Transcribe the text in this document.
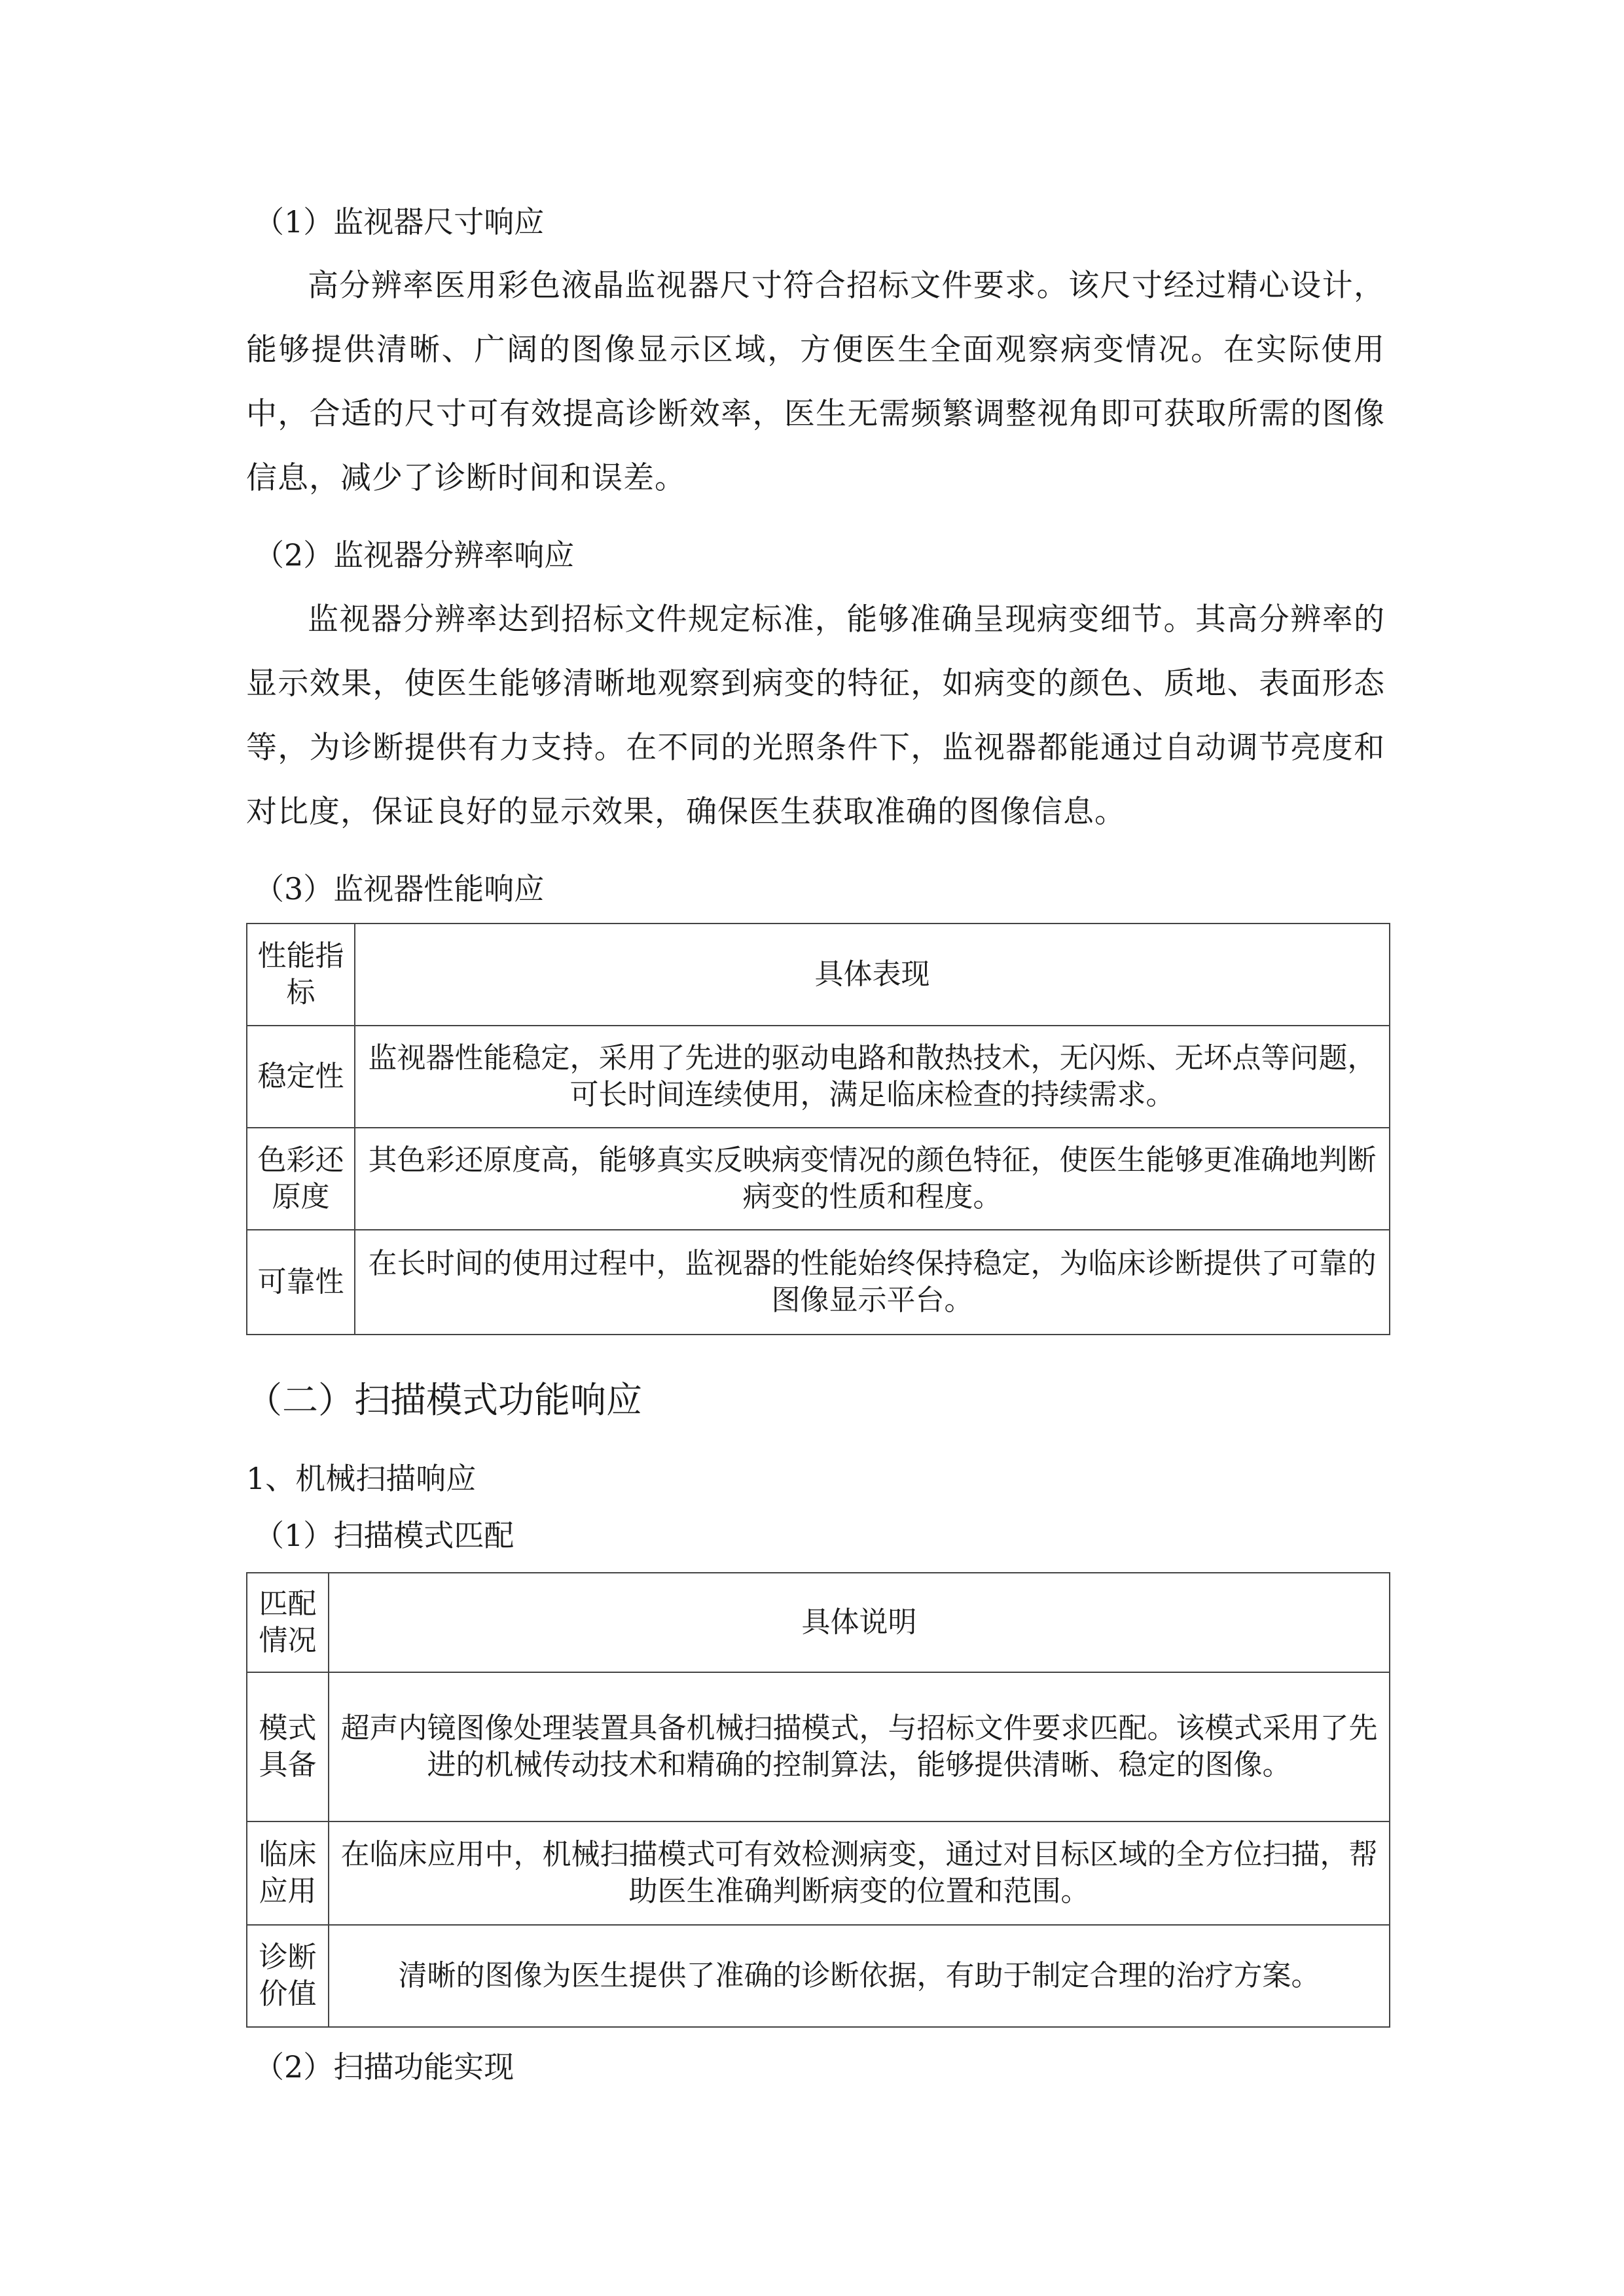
（1）监视器尺寸响应

高分辨率医用彩色液晶监视器尺寸符合招标文件要求。该尺寸经过精心设计，能够提供清晰、广阔的图像显示区域，方便医生全面观察病变情况。在实际使用中，合适的尺寸可有效提高诊断效率，医生无需频繁调整视角即可获取所需的图像信息，减少了诊断时间和误差。

（2）监视器分辨率响应

监视器分辨率达到招标文件规定标准，能够准确呈现病变细节。其高分辨率的显示效果，使医生能够清晰地观察到病变的特征，如病变的颜色、质地、表面形态等，为诊断提供有力支持。在不同的光照条件下，监视器都能通过自动调节亮度和对比度，保证良好的显示效果，确保医生获取准确的图像信息。

（3）监视器性能响应

性能指标	具体表现
稳定性	监视器性能稳定，采用了先进的驱动电路和散热技术，无闪烁、无坏点等问题，可长时间连续使用，满足临床检查的持续需求。
色彩还原度	其色彩还原度高，能够真实反映病变情况的颜色特征，使医生能够更准确地判断病变的性质和程度。
可靠性	在长时间的使用过程中，监视器的性能始终保持稳定，为临床诊断提供了可靠的图像显示平台。
（二）扫描模式功能响应

1、机械扫描响应

（1）扫描模式匹配

匹配情况	具体说明
模式具备	超声内镜图像处理装置具备机械扫描模式，与招标文件要求匹配。该模式采用了先进的机械传动技术和精确的控制算法，能够提供清晰、稳定的图像。
临床应用	在临床应用中，机械扫描模式可有效检测病变，通过对目标区域的全方位扫描，帮助医生准确判断病变的位置和范围。
诊断价值	清晰的图像为医生提供了准确的诊断依据，有助于制定合理的治疗方案。

（2）扫描功能实现
